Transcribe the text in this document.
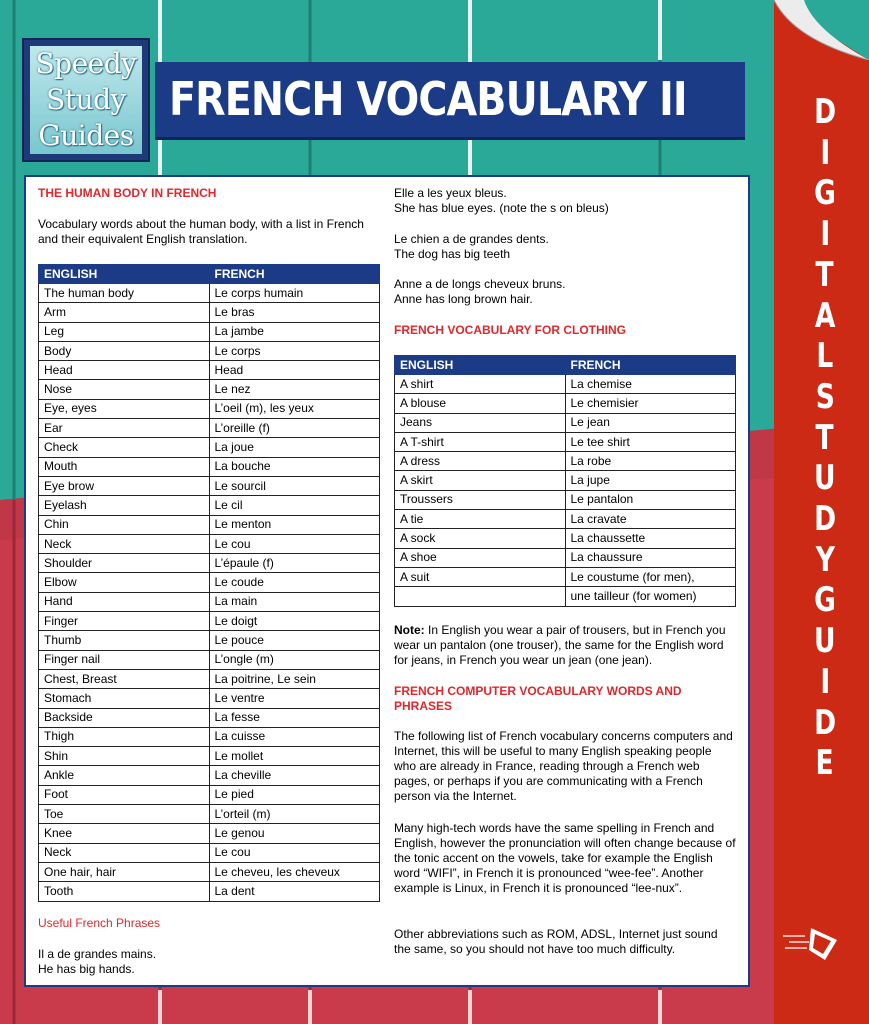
Speedy
Study
Guides
FRENCH VOCABULARY II	D
I
G
I
T
A
L
S
T
U
D
Y
G
U
I
D
E

THE HUMAN BODY IN FRENCH

Vocabulary words about the human body, with a list in French and their equivalent English translation.

ENGLISH	FRENCH
The human body	Le corps humain
Arm	Le bras
Leg	La jambe
Body	Le corps
Head	Head
Nose	Le nez
Eye, eyes	L’oeil (m), les yeux
Ear	L’oreille (f)
Check	La joue
Mouth	La bouche
Eye brow	Le sourcil
Eyelash	Le cil
Chin	Le menton
Neck	Le cou
Shoulder	L’épaule (f)
Elbow	Le coude
Hand	La main
Finger	Le doigt
Thumb	Le pouce
Finger nail	L’ongle (m)
Chest, Breast	La poitrine, Le sein
Stomach	Le ventre
Backside	La fesse
Thigh	La cuisse
Shin	Le mollet
Ankle	La cheville
Foot	Le pied
Toe	L’orteil (m)
Knee	Le genou
Neck	Le cou
One hair, hair	Le cheveu, les cheveux
Tooth	La dent

Useful French Phrases

Il a de grandes mains.

He has big hands.

Elle a les yeux bleus.

She has blue eyes. (note the s on bleus)

Le chien a de grandes dents.

The dog has big teeth

Anne a de longs cheveux bruns.

Anne has long brown hair.

FRENCH VOCABULARY FOR CLOTHING

ENGLISH	FRENCH
A shirt	La chemise
A blouse	Le chemisier
Jeans	Le jean
A T-shirt	Le tee shirt
A dress	La robe
A skirt	La jupe
Troussers	Le pantalon
A tie	La cravate
A sock	La chaussette
A shoe	La chaussure
A suit	Le coustume (for men),
	une tailleur (for women)

Note: In English you wear a pair of trousers, but in French you wear un pantalon (one trouser), the same for the English word for jeans, in French you wear un jean (one jean).

FRENCH COMPUTER VOCABULARY WORDS AND PHRASES

The following list of French vocabulary concerns computers and Internet, this will be useful to many English speaking people who are already in France, reading through a French web pages, or perhaps if you are communicating with a French person via the Internet.

Many high-tech words have the same spelling in French and English, however the pronunciation will often change because of the tonic accent on the vowels, take for example the English word “WIFI”, in French it is pronounced “wee-fee”. Another example is Linux, in French it is pronounced “lee-nux”.

Other abbreviations such as ROM, ADSL, Internet just sound the same, so you should not have too much difficulty.
